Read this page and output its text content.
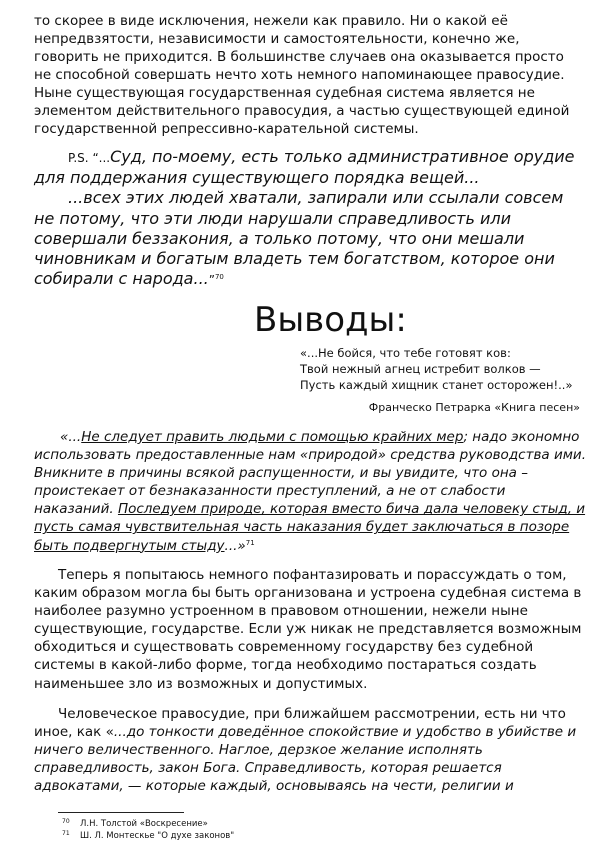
то скорее в виде исключения, нежели как правило. Ни о какой её непредвзятости, независимости и самостоятельности, конечно же, говорить не приходится. В большинстве случаев она оказывается просто не способной совершать нечто хоть немного напоминающее правосудие. Ныне существующая государственная судебная система является не элементом действительного правосудия, а частью существующей единой государственной репрессивно-карательной системы.

P.S. “...Суд, по-моему, есть только административное орудие для поддержания существующего порядка вещей...
...всех этих людей хватали, запирали или ссылали совсем не потому, что эти люди нарушали справедливость или совершали беззакония, а только потому, что они мешали чиновникам и богатым владеть тем богатством, которое они собирали с народа...”$^{70}$

Выводы:
«...Не бойся, что тебе готовят ков:
Твой нежный агнец истребит волков —
Пусть каждый хищник станет осторожен!..»

Франческо Петрарка «Книга песен»

«...Не следует править людьми с помощью крайних мер; надо экономно использовать предоставленные нам «природой» средства руководства ими. Вникните в причины всякой распущенности, и вы увидите, что она – проистекает от безнаказанности преступлений, а не от слабости наказаний. Последуем природе, которая вместо бича дала человеку стыд, и пусть самая чувствительная часть наказания будет заключаться в позоре быть подвергнутым стыду...»$^{71}$

Теперь я попытаюсь немного пофантазировать и порассуждать о том, каким образом могла бы быть организована и устроена судебная система в наиболее разумно устроенном в правовом отношении, нежели ныне существующие, государстве. Если уж никак не представляется возможным обходиться и существовать современному государству без судебной системы в какой-либо форме, тогда необходимо постараться создать наименьшее зло из возможных и допустимых.

Человеческое правосудие, при ближайшем рассмотрении, есть ни что иное, как «...до тонкости доведённое спокойствие и удобство в убийстве и ничего величественного. Наглое, дерзкое желание исполнять справедливость, закон Бога. Справедливость, которая решается адвокатами, — которые каждый, основываясь на чести, религии и

70 Л.Н. Толстой «Воскресение»

71 Ш. Л. Монтескье "О духе законов"
